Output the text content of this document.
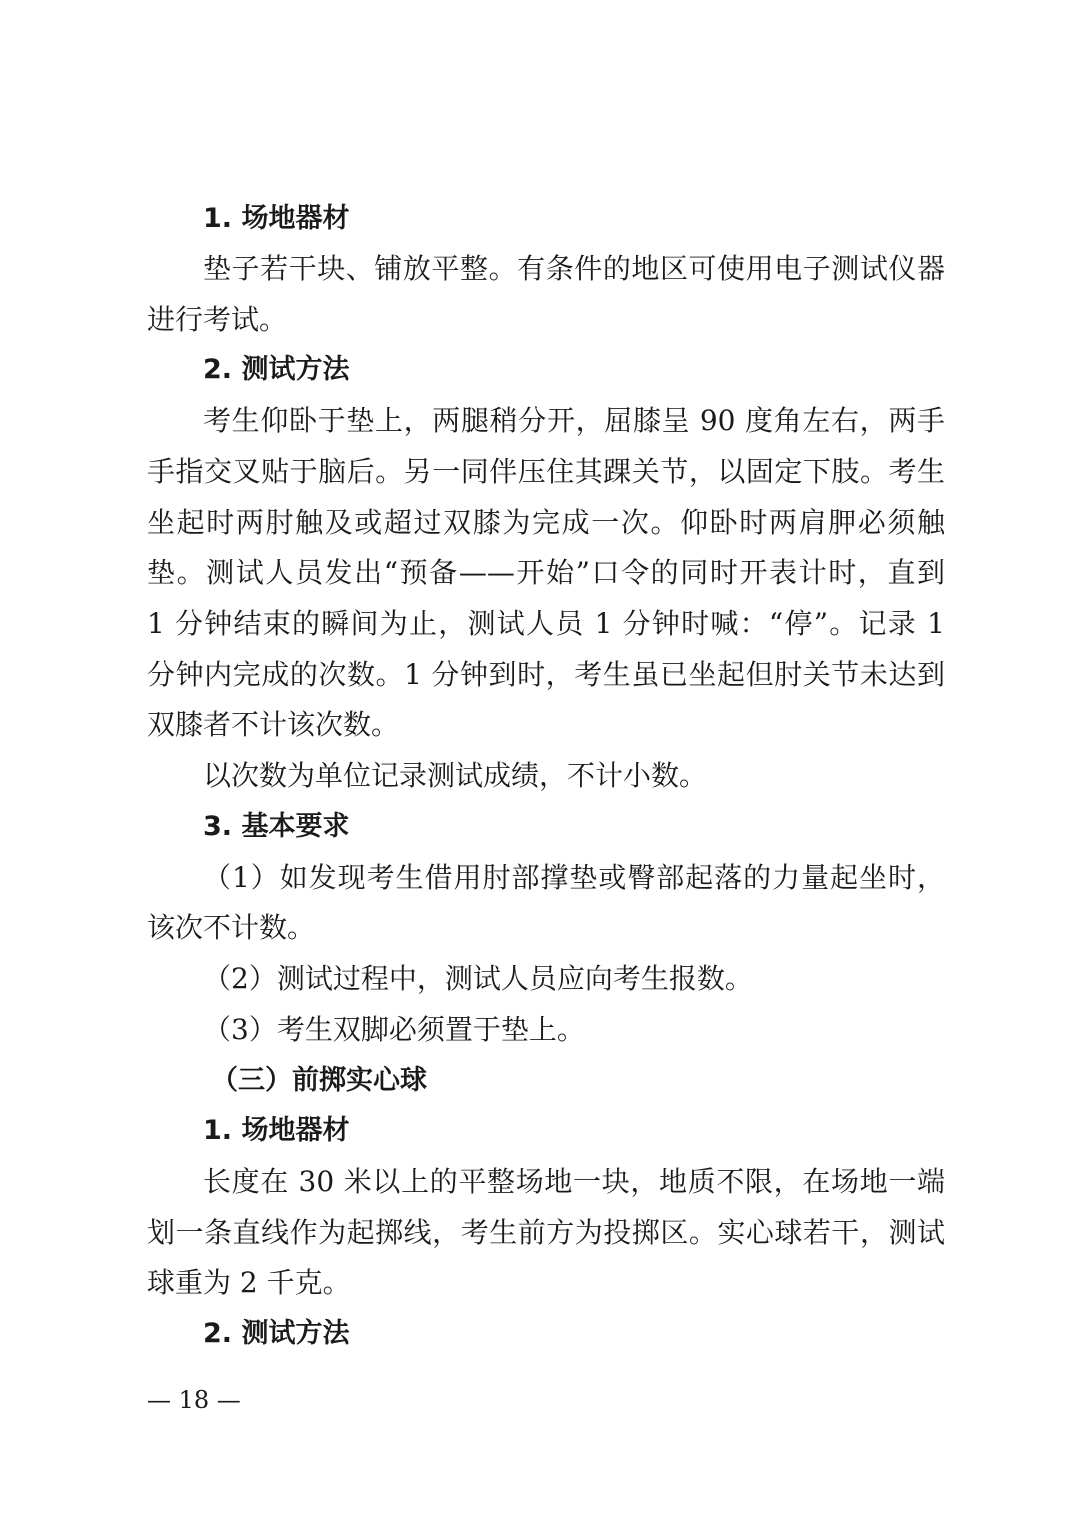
1. 场地器材
垫子若干块、铺放平整。有条件的地区可使用电子测试仪器
进行考试。
2. 测试方法
考生仰卧于垫上，两腿稍分开，屈膝呈 90 度角左右，两手
手指交叉贴于脑后。另一同伴压住其踝关节，以固定下肢。考生
坐起时两肘触及或超过双膝为完成一次。仰卧时两肩胛必须触
垫。测试人员发出“预备——开始”口令的同时开表计时，直到
1 分钟结束的瞬间为止，测试人员 1 分钟时喊：“停”。记录 1
分钟内完成的次数。1 分钟到时，考生虽已坐起但肘关节未达到
双膝者不计该次数。
以次数为单位记录测试成绩，不计小数。
3. 基本要求
（1）如发现考生借用肘部撑垫或臀部起落的力量起坐时，
该次不计数。
（2）测试过程中，测试人员应向考生报数。
（3）考生双脚必须置于垫上。
（三）前掷实心球
1. 场地器材
长度在 30 米以上的平整场地一块，地质不限，在场地一端
划一条直线作为起掷线，考生前方为投掷区。实心球若干，测试
球重为 2 千克。
2. 测试方法
— 18 —
